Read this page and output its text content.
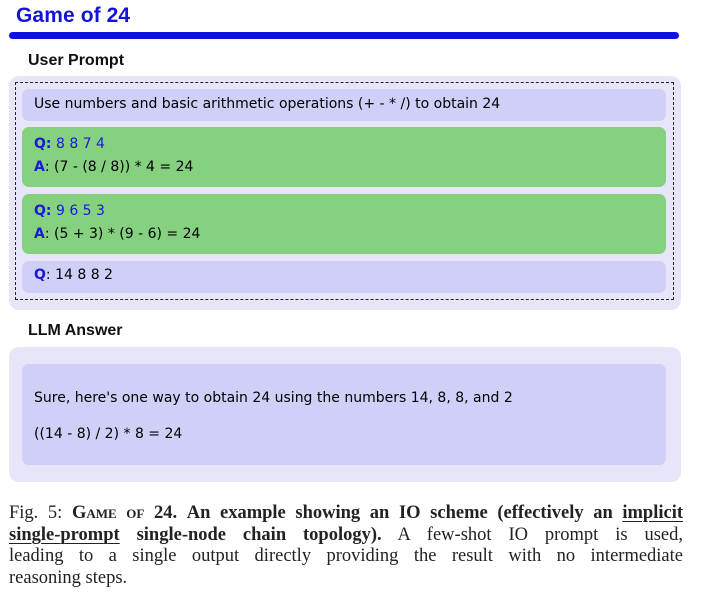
Game of 24
User Prompt
Use numbers and basic arithmetic operations (+ - * /) to obtain 24
Q: 8 8 7 4
A: (7 - (8 / 8)) * 4 = 24
Q: 9 6 5 3
A: (5 + 3) * (9 - 6) = 24
Q: 14 8 8 2
LLM Answer
Sure, here's one way to obtain 24 using the numbers 14, 8, 8, and 2
((14 - 8) / 2) * 8 = 24
Fig. 5: Game of 24. An example showing an IO scheme (effectively an implicit
single-prompt single-node chain topology). A few-shot IO prompt is used,
leading to a single output directly providing the result with no intermediate
reasoning steps.
